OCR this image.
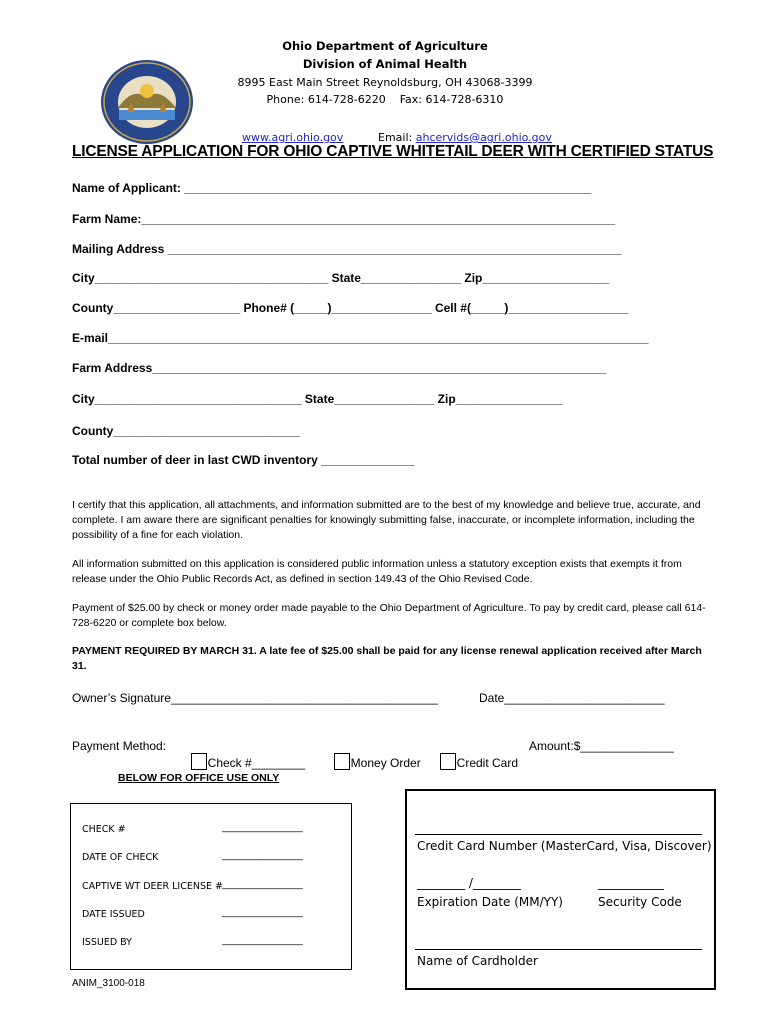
Ohio Department of Agriculture
Division of Animal Health
8995 East Main Street Reynoldsburg, OH 43068-3399
Phone: 614-728-6220    Fax: 614-728-6310

www.agri.ohio.gov	Email: ahcervids@agri.ohio.gov

LICENSE APPLICATION FOR OHIO CAPTIVE WHITETAIL DEER WITH CERTIFIED STATUS
Name of Applicant: _____________________________________________________________
Farm Name:_______________________________________________________________________
Mailing Address ____________________________________________________________________
City___________________________________ State_______________ Zip___________________
County___________________ Phone# (_____)_______________ Cell #(_____)__________________
E-mail_________________________________________________________________________________
Farm Address____________________________________________________________________
City_______________________________ State_______________ Zip________________
County____________________________
Total number of deer in last CWD inventory ______________
I certify that this application, all attachments, and information submitted are to the best of my knowledge and believe true, accurate, and complete. I am aware there are significant penalties for knowingly submitting false, inaccurate, or incomplete information, including the possibility of a fine for each violation.
All information submitted on this application is considered public information unless a statutory exception exists that exempts it from release under the Ohio Public Records Act, as defined in section 149.43 of the Ohio Revised Code.
Payment of $25.00 by check or money order made payable to the Ohio Department of Agriculture. To pay by credit card, please call 614-728-6220 or complete box below.
PAYMENT REQUIRED BY MARCH 31. A late fee of $25.00 shall be paid for any license renewal application received after March 31.
Owner’s Signature________________________________________	Date________________________
Payment Method:

Check #________	Money Order	Credit Card

Amount:$______________
BELOW FOR OFFICE USE ONLY
CHECK #	_________________
DATE OF CHECK	_________________
CAPTIVE WT DEER LICENSE # _________________
DATE ISSUED	_________________
ISSUED BY	_________________
Credit Card Number (MasterCard, Visa, Discover)
________ /________
Expiration Date (MM/YY)
___________
Security Code
Name of Cardholder
ANIM_3100-018
